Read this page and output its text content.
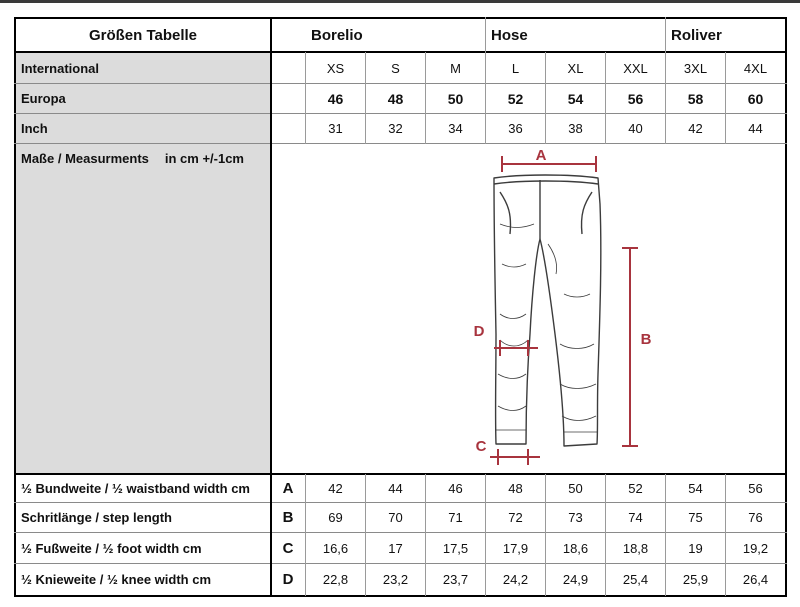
Größen Tabelle	Borelio	Hose	Roliver
International	XS	S	M	L	XL	XXL	3XL	4XL
Europa	46	48	50	52	54	56	58	60
Inch	31	32	34	36	38	40	42	44
Maße / Measurments in cm +/-1cm	A
B
C
D
½ Bundweite / ½ waistband width cm	A	42	44	46	48	50	52	54	56
Schritlänge / step length	B	69	70	71	72	73	74	75	76
½ Fußweite / ½ foot width cm	C	16,6	17	17,5	17,9	18,6	18,8	19	19,2
½ Knieweite / ½ knee width cm	D	22,8	23,2	23,7	24,2	24,9	25,4	25,9	26,4
